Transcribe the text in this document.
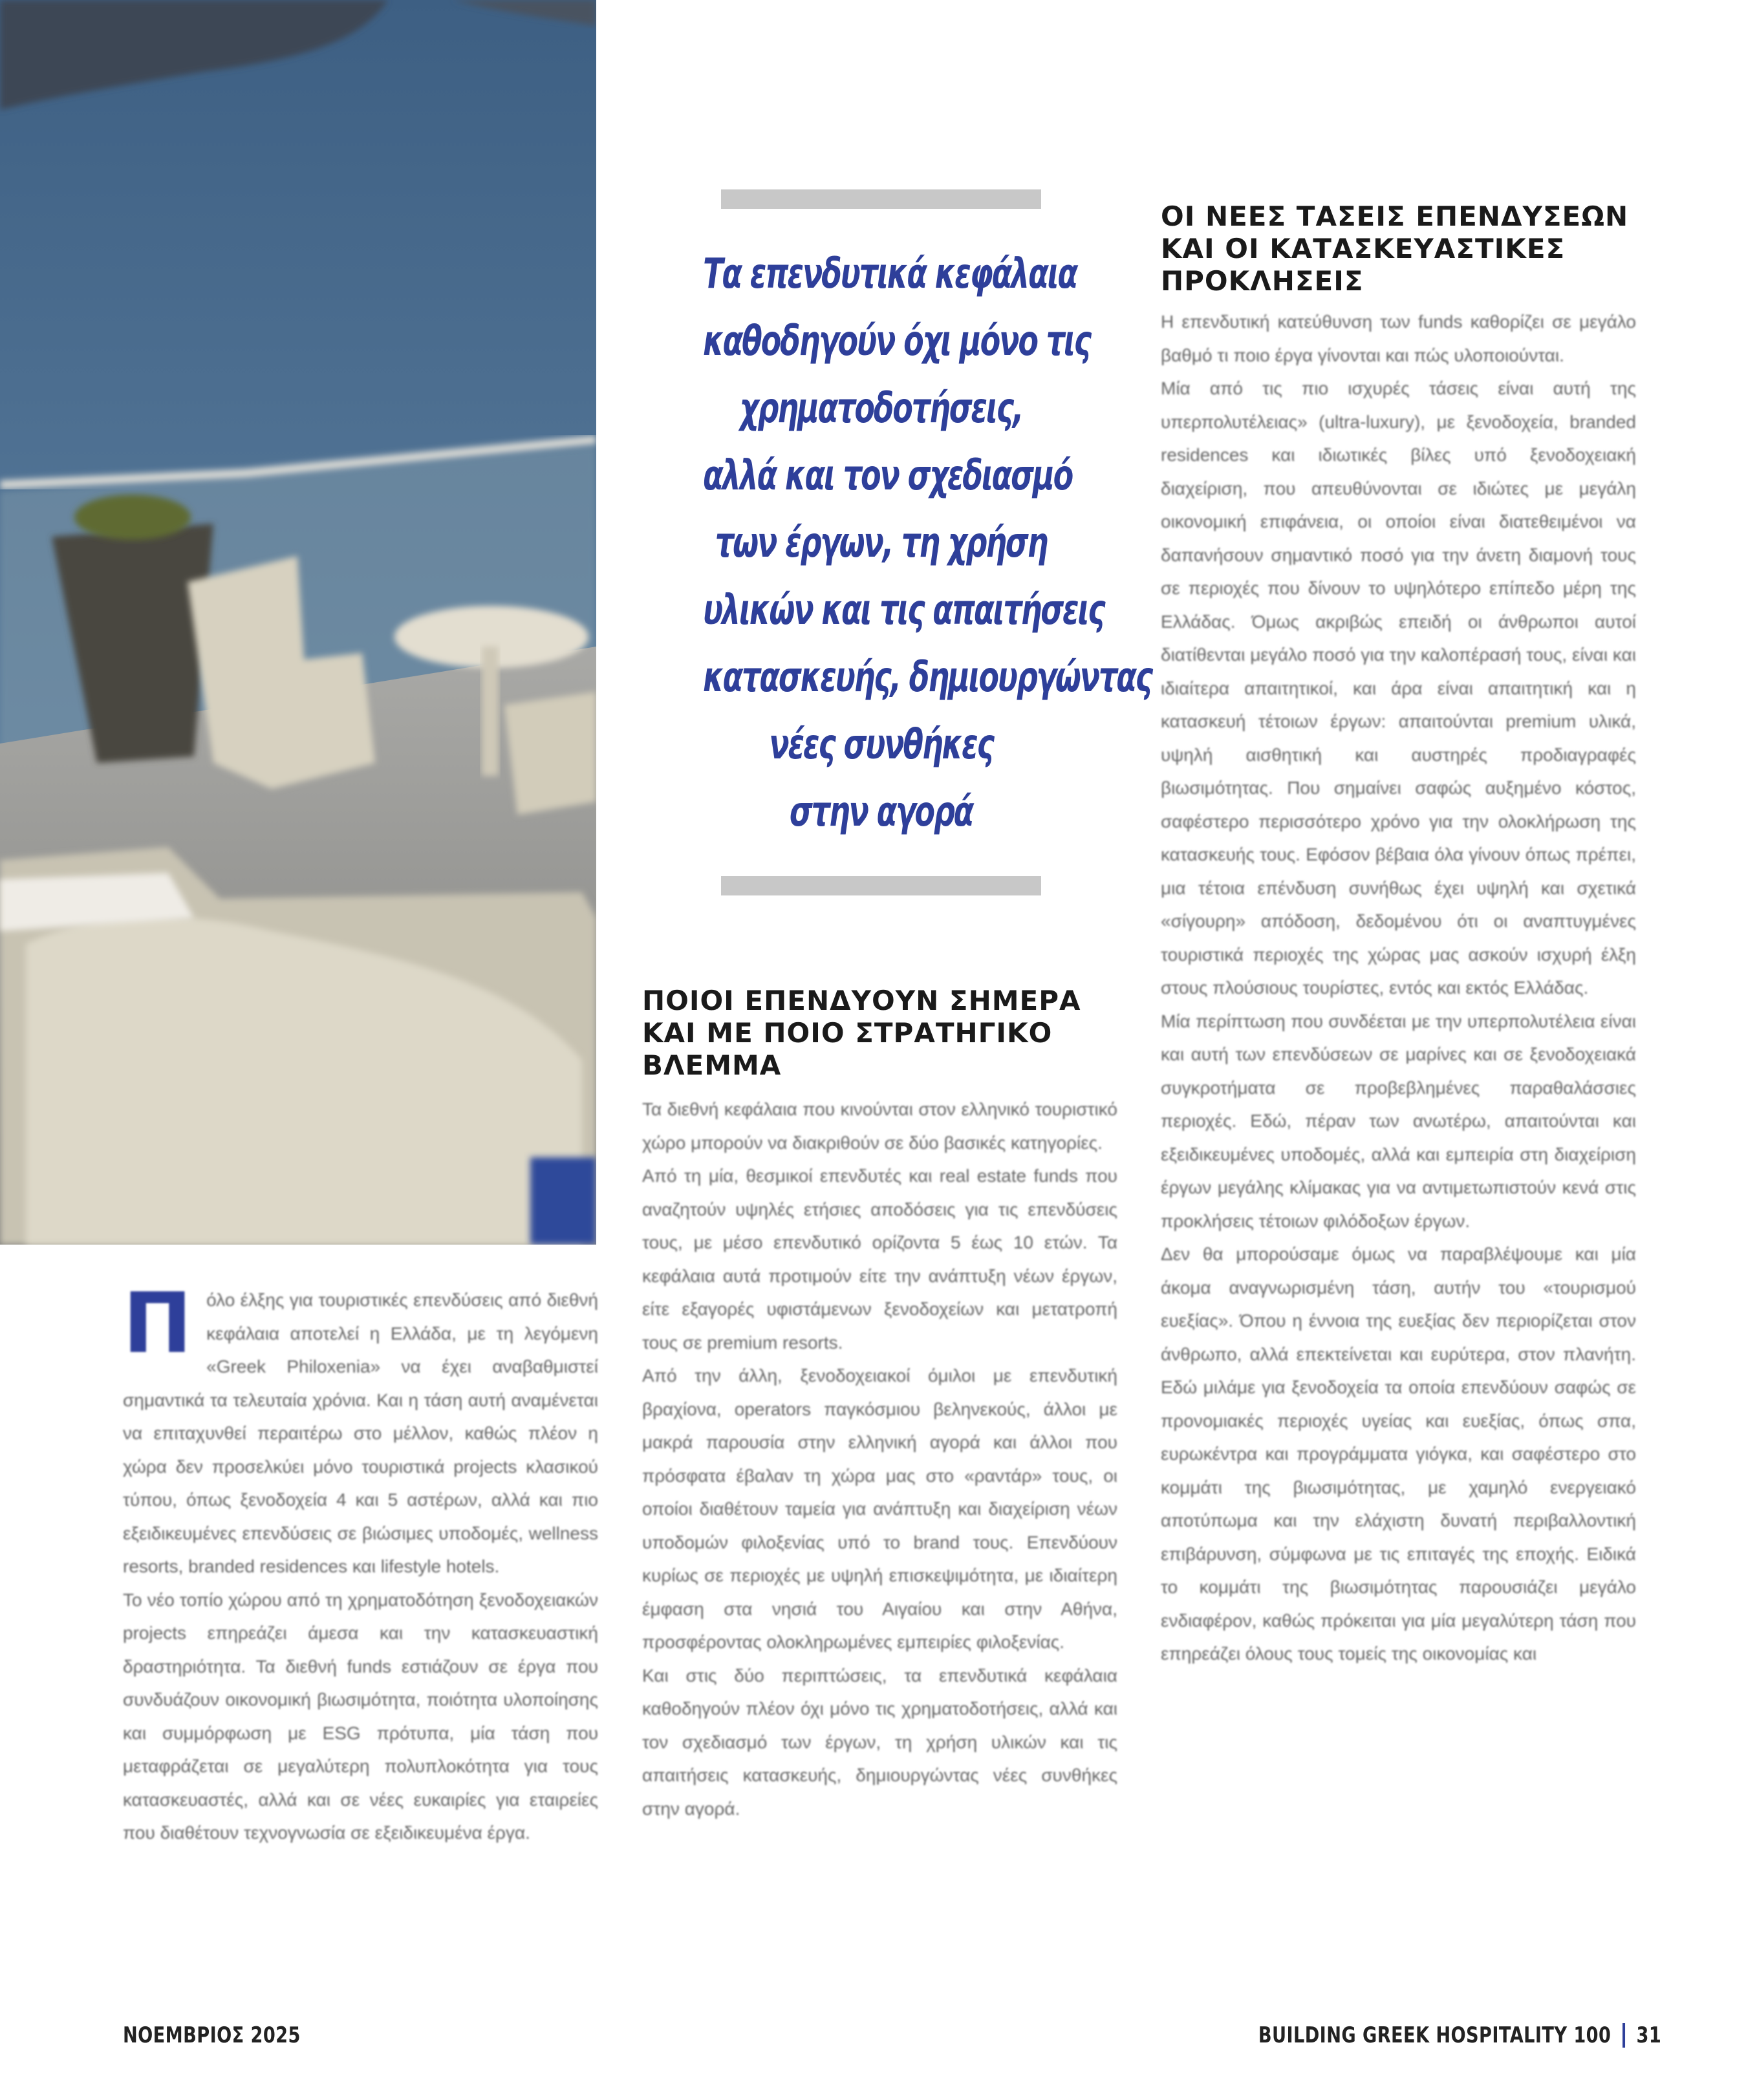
Τα επενδυτικά κεφάλαια
καθοδηγούν όχι μόνο τις
χρηματοδοτήσεις,
αλλά και τον σχεδιασμό
των έργων, τη χρήση
υλικών και τις απαιτήσεις
κατασκευής, δημιουργώντας
νέες συνθήκες
στην αγορά
ΟΙ ΝΕΕΣ ΤΑΣΕΙΣ ΕΠΕΝΔΥΣΕΩΝ
ΚΑΙ ΟΙ ΚΑΤΑΣΚΕΥΑΣΤΙΚΕΣ
ΠΡΟΚΛΗΣΕΙΣ
ΠΟΙΟΙ ΕΠΕΝΔΥΟΥΝ ΣΗΜΕΡΑ
ΚΑΙ ΜΕ ΠΟΙΟ ΣΤΡΑΤΗΓΙΚΟ
ΒΛΕΜΜΑ

Πόλο έλξης για τουριστικές επενδύσεις από διεθνή κεφάλαια αποτελεί η Ελλάδα, με τη λεγόμενη «Greek Philoxenia» να έχει αναβαθμιστεί σημαντικά τα τελευταία χρόνια. Και η τάση αυτή αναμένεται να επιταχυνθεί περαιτέρω στο μέλλον, καθώς πλέον η χώρα δεν προσελκύει μόνο τουριστικά projects κλασικού τύπου, όπως ξενοδοχεία 4 και 5 αστέρων, αλλά και πιο εξειδικευμένες επενδύσεις σε βιώσιμες υποδομές, wellness resorts, branded residences και lifestyle hotels.

Το νέο τοπίο χώρου από τη χρηματοδότηση ξενοδοχειακών projects επηρεάζει άμεσα και την κατασκευαστική δραστηριότητα. Τα διεθνή funds εστιάζουν σε έργα που συνδυάζουν οικονομική βιωσιμότητα, ποιότητα υλοποίησης και συμμόρφωση με ESG πρότυπα, μία τάση που μεταφράζεται σε μεγαλύτερη πολυπλοκότητα για τους κατασκευαστές, αλλά και σε νέες ευκαιρίες για εταιρείες που διαθέτουν τεχνογνωσία σε εξειδικευμένα έργα.

Τα διεθνή κεφάλαια που κινούνται στον ελληνικό τουριστικό χώρο μπορούν να διακριθούν σε δύο βασικές κατηγορίες.

Από τη μία, θεσμικοί επενδυτές και real estate funds που αναζητούν υψηλές ετήσιες αποδόσεις για τις επενδύσεις τους, με μέσο επενδυτικό ορίζοντα 5 έως 10 ετών. Τα κεφάλαια αυτά προτιμούν είτε την ανάπτυξη νέων έργων, είτε εξαγορές υφιστάμενων ξενοδοχείων και μετατροπή τους σε premium resorts.

Από την άλλη, ξενοδοχειακοί όμιλοι με επενδυτική βραχίονα, operators παγκόσμιου βεληνεκούς, άλλοι με μακρά παρουσία στην ελληνική αγορά και άλλοι που πρόσφατα έβαλαν τη χώρα μας στο «ραντάρ» τους, οι οποίοι διαθέτουν ταμεία για ανάπτυξη και διαχείριση νέων υποδομών φιλοξενίας υπό το brand τους. Επενδύουν κυρίως σε περιοχές με υψηλή επισκεψιμότητα, με ιδιαίτερη έμφαση στα νησιά του Αιγαίου και στην Αθήνα, προσφέροντας ολοκληρωμένες εμπειρίες φιλοξενίας.

Και στις δύο περιπτώσεις, τα επενδυτικά κεφάλαια καθοδηγούν πλέον όχι μόνο τις χρηματοδοτήσεις, αλλά και τον σχεδιασμό των έργων, τη χρήση υλικών και τις απαιτήσεις κατασκευής, δημιουργώντας νέες συνθήκες στην αγορά.

Η επενδυτική κατεύθυνση των funds καθορίζει σε μεγάλο βαθμό τι ποιο έργα γίνονται και πώς υλοποιούνται.

Μία από τις πιο ισχυρές τάσεις είναι αυτή της υπερπολυτέλειας» (ultra-luxury), με ξενοδοχεία, branded residences και ιδιωτικές βίλες υπό ξενοδοχειακή διαχείριση, που απευθύνονται σε ιδιώτες με μεγάλη οικονομική επιφάνεια, οι οποίοι είναι διατεθειμένοι να δαπανήσουν σημαντικό ποσό για την άνετη διαμονή τους σε περιοχές που δίνουν το υψηλότερο επίπεδο μέρη της Ελλάδας. Όμως ακριβώς επειδή οι άνθρωποι αυτοί διατίθενται μεγάλο ποσό για την καλοπέρασή τους, είναι και ιδιαίτερα απαιτητικοί, και άρα είναι απαιτητική και η κατασκευή τέτοιων έργων: απαιτούνται premium υλικά, υψηλή αισθητική και αυστηρές προδιαγραφές βιωσιμότητας. Που σημαίνει σαφώς αυξημένο κόστος, σαφέστερο περισσότερο χρόνο για την ολοκλήρωση της κατασκευής τους. Εφόσον βέβαια όλα γίνουν όπως πρέπει, μια τέτοια επένδυση συνήθως έχει υψηλή και σχετικά «σίγουρη» απόδοση, δεδομένου ότι οι αναπτυγμένες τουριστικά περιοχές της χώρας μας ασκούν ισχυρή έλξη στους πλούσιους τουρίστες, εντός και εκτός Ελλάδας.

Μία περίπτωση που συνδέεται με την υπερπολυτέλεια είναι και αυτή των επενδύσεων σε μαρίνες και σε ξενοδοχειακά συγκροτήματα σε προβεβλημένες παραθαλάσσιες περιοχές. Εδώ, πέραν των ανωτέρω, απαιτούνται και εξειδικευμένες υποδομές, αλλά και εμπειρία στη διαχείριση έργων μεγάλης κλίμακας για να αντιμετωπιστούν κενά στις προκλήσεις τέτοιων φιλόδοξων έργων.

Δεν θα μπορούσαμε όμως να παραβλέψουμε και μία άκομα αναγνωρισμένη τάση, αυτήν του «τουρισμού ευεξίας». Όπου η έννοια της ευεξίας δεν περιορίζεται στον άνθρωπο, αλλά επεκτείνεται και ευρύτερα, στον πλανήτη. Εδώ μιλάμε για ξενοδοχεία τα οποία επενδύουν σαφώς σε προνομιακές περιοχές υγείας και ευεξίας, όπως σπα, ευρωκέντρα και προγράμματα γιόγκα, και σαφέστερο στο κομμάτι της βιωσιμότητας, με χαμηλό ενεργειακό αποτύπωμα και την ελάχιστη δυνατή περιβαλλοντική επιβάρυνση, σύμφωνα με τις επιταγές της εποχής. Ειδικά το κομμάτι της βιωσιμότητας παρουσιάζει μεγάλο ενδιαφέρον, καθώς πρόκειται για μία μεγαλύτερη τάση που επηρεάζει όλους τους τομείς της οικονομίας και

ΝΟΕΜΒΡΙΟΣ 2025	BUILDING GREEK HOSPITALITY 100 31
